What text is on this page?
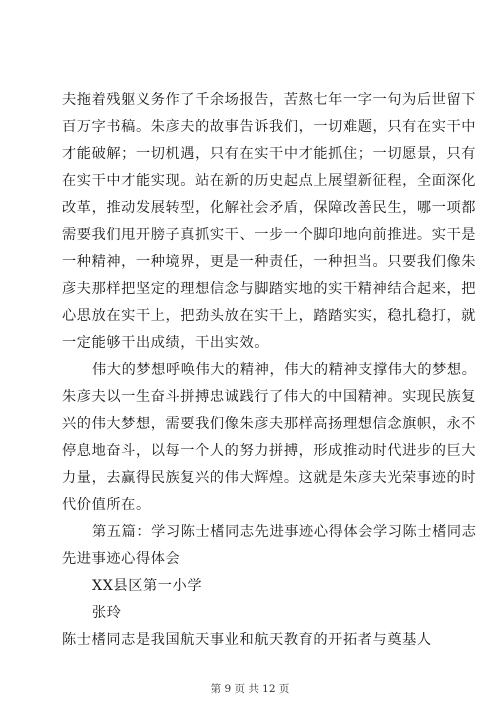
夫拖着残躯义务作了千余场报告，苦熬七年一字一句为后世留下
百万字书稿。朱彦夫的故事告诉我们，一切难题，只有在实干中
才能破解；一切机遇，只有在实干中才能抓住；一切愿景，只有
在实干中才能实现。站在新的历史起点上展望新征程，全面深化
改革，推动发展转型，化解社会矛盾，保障改善民生，哪一项都
需要我们甩开膀子真抓实干、一步一个脚印地向前推进。实干是
一种精神，一种境界，更是一种责任，一种担当。只要我们像朱
彦夫那样把坚定的理想信念与脚踏实地的实干精神结合起来，把
心思放在实干上，把劲头放在实干上，踏踏实实，稳扎稳打，就
一定能够干出成绩，干出实效。
伟大的梦想呼唤伟大的精神，伟大的精神支撑伟大的梦想。
朱彦夫以一生奋斗拼搏忠诚践行了伟大的中国精神。实现民族复
兴的伟大梦想，需要我们像朱彦夫那样高扬理想信念旗帜，永不
停息地奋斗，以每一个人的努力拼搏，形成推动时代进步的巨大
力量，去赢得民族复兴的伟大辉煌。这就是朱彦夫光荣事迹的时
代价值所在。
第五篇：学习陈士榰同志先进事迹心得体会学习陈士榰同志
先进事迹心得体会
XX县区第一小学
张玲
陈士榰同志是我国航天事业和航天教育的开拓者与奠基人
第 9 页 共 12 页
